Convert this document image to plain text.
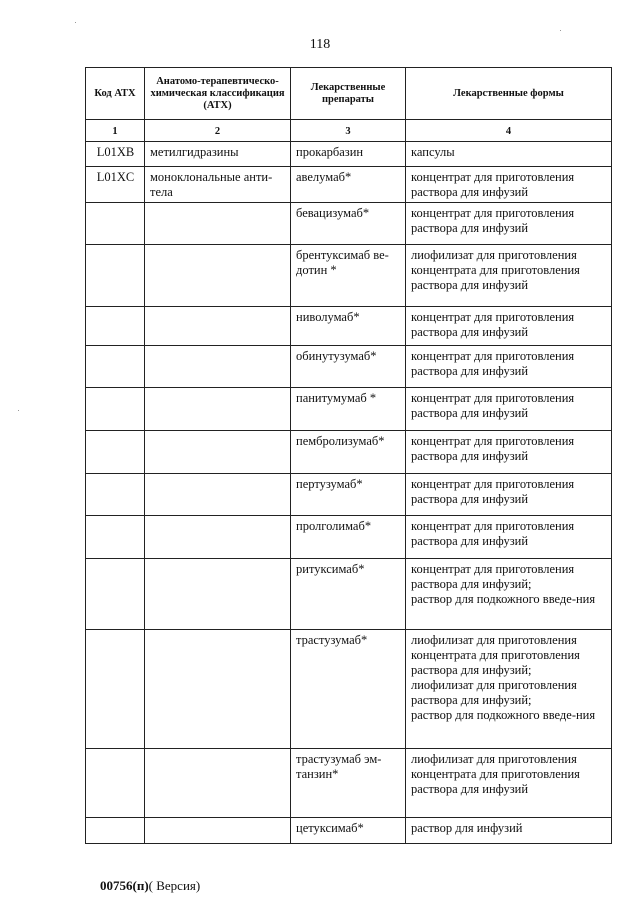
118
Код АТХ	Анатомо-терапевтическо-химическая классификация (АТХ)	Лекарственные препараты	Лекарственные формы
1	2	3	4
L01XB	метилгидразины	прокарбазин	капсулы
L01XC	моноклональные анти-тела	авелумаб*	концентрат для приготовления раствора для инфузий
		бевацизумаб*	концентрат для приготовления раствора для инфузий
		брентуксимаб ве-дотин *	лиофилизат для приготовления концентрата для приготовления раствора для инфузий
		ниволумаб*	концентрат для приготовления раствора для инфузий
		обинутузумаб*	концентрат для приготовления раствора для инфузий
		панитумумаб *	концентрат для приготовления раствора для инфузий
		пембролизумаб*	концентрат для приготовления раствора для инфузий
		пертузумаб*	концентрат для приготовления раствора для инфузий
		пролголимаб*	концентрат для приготовления раствора для инфузий
		ритуксимаб*	концентрат для приготовления раствора для инфузий;
раствор для подкожного введе-ния
		трастузумаб*	лиофилизат для приготовления концентрата для приготовления раствора для инфузий;
лиофилизат для приготовления раствора для инфузий;
раствор для подкожного введе-ния
		трастузумаб эм-танзин*	лиофилизат для приготовления концентрата для приготовления раствора для инфузий
		цетуксимаб*	раствор для инфузий
00756(п)( Версия)
